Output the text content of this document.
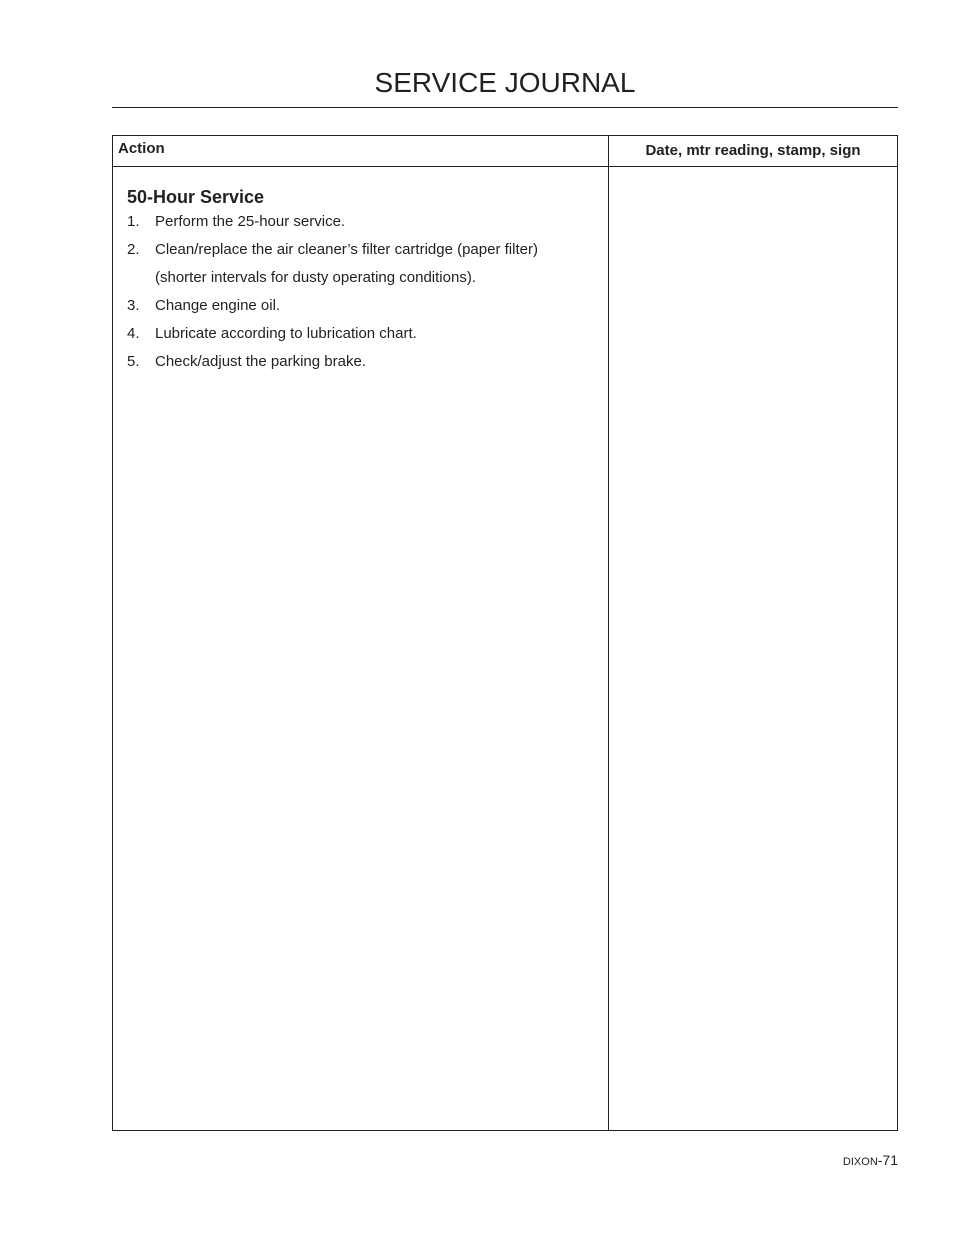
SERVICE JOURNAL
Action	Date, mtr reading, stamp, sign
50-Hour Service
1. Perform the 25-hour service.
2. Clean/replace the air cleaner’s filter cartridge (paper filter)
(shorter intervals for dusty operating conditions).
3. Change engine oil.
4. Lubricate according to lubrication chart.
5. Check/adjust the parking brake.
DIXON-71
